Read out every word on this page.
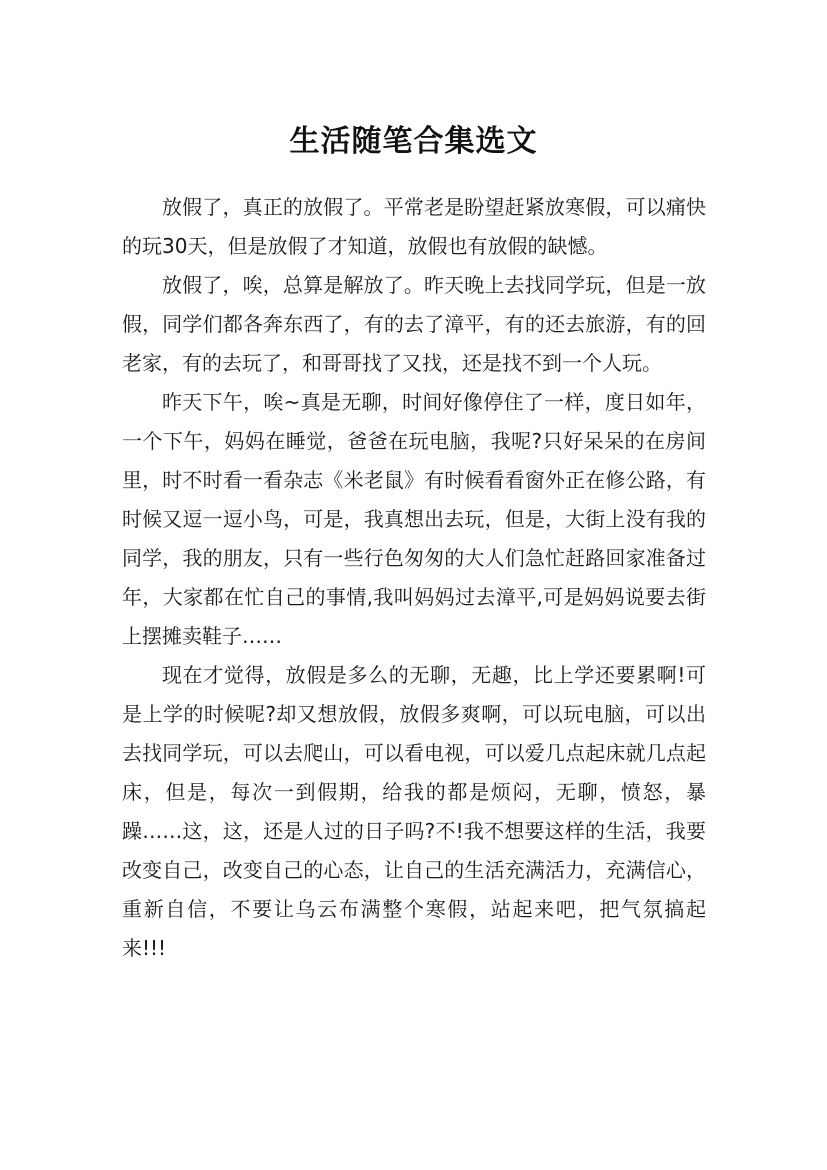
生活随笔合集选文

放假了，真正的放假了。平常老是盼望赶紧放寒假，可以痛快的玩30天，但是放假了才知道，放假也有放假的缺憾。

放假了，唉，总算是解放了。昨天晚上去找同学玩，但是一放假，同学们都各奔东西了，有的去了漳平，有的还去旅游，有的回老家，有的去玩了，和哥哥找了又找，还是找不到一个人玩。

昨天下午，唉~真是无聊，时间好像停住了一样，度日如年，一个下午，妈妈在睡觉，爸爸在玩电脑，我呢?只好呆呆的在房间里，时不时看一看杂志《米老鼠》有时候看看窗外正在修公路，有时候又逗一逗小鸟，可是，我真想出去玩，但是，大街上没有我的同学，我的朋友，只有一些行色匆匆的大人们急忙赶路回家准备过年，大家都在忙自己的事情,我叫妈妈过去漳平,可是妈妈说要去街上摆摊卖鞋子……

现在才觉得，放假是多么的无聊，无趣，比上学还要累啊!可是上学的时候呢?却又想放假，放假多爽啊，可以玩电脑，可以出去找同学玩，可以去爬山，可以看电视，可以爱几点起床就几点起床，但是，每次一到假期，给我的都是烦闷，无聊，愤怒，暴躁……这，这，还是人过的日子吗?不!我不想要这样的生活，我要改变自己，改变自己的心态，让自己的生活充满活力，充满信心，重新自信，不要让乌云布满整个寒假，站起来吧，把气氛搞起来!!!
